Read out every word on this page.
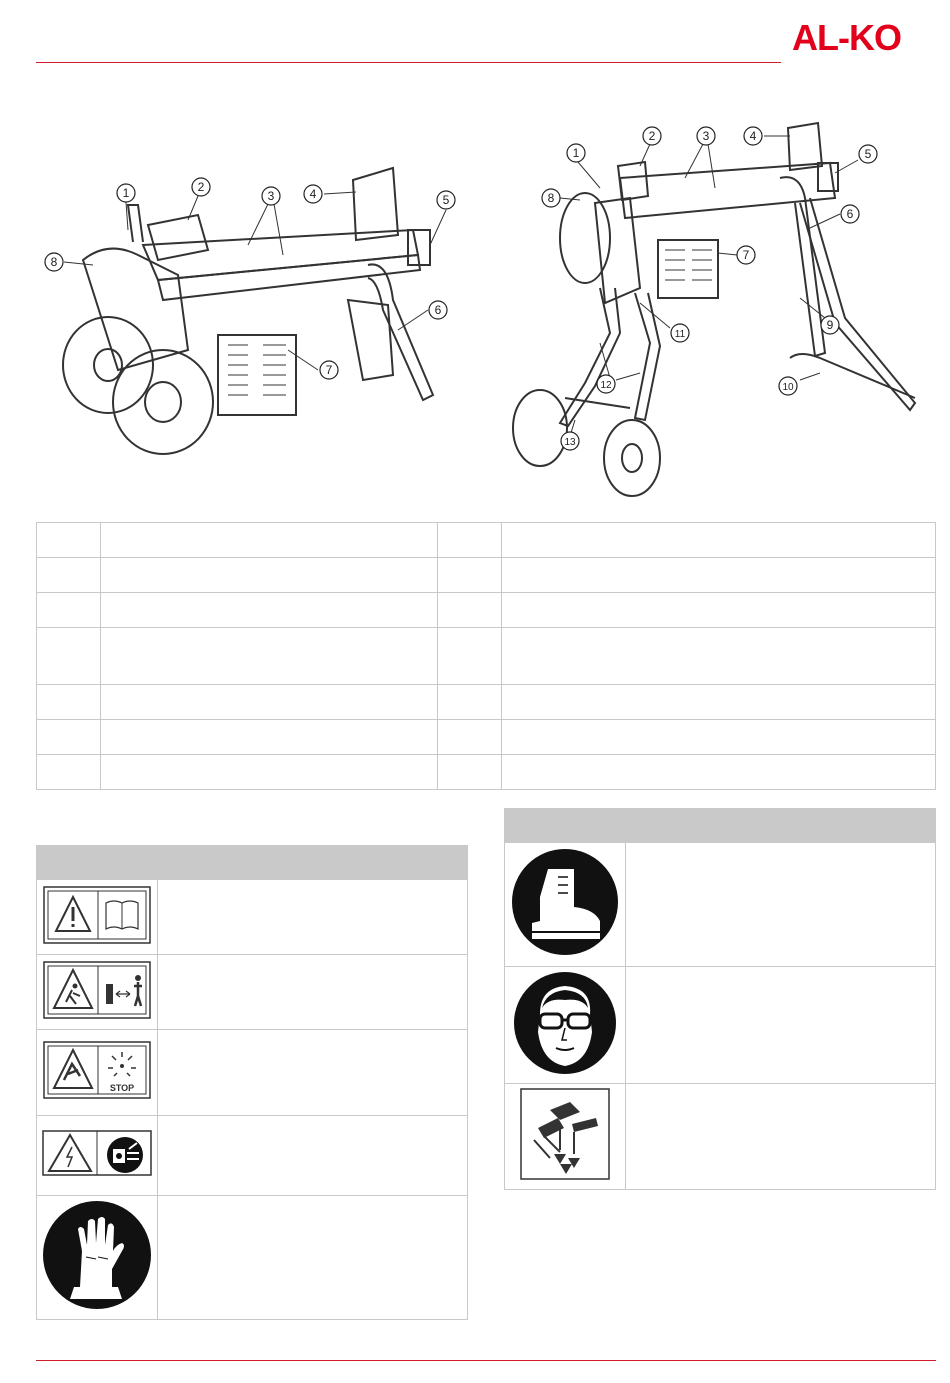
AL-KO
1	2
3	4	5
6
7
8
1
2	3	4
5
6
7
8
9
10
11
12
13

STOP	
